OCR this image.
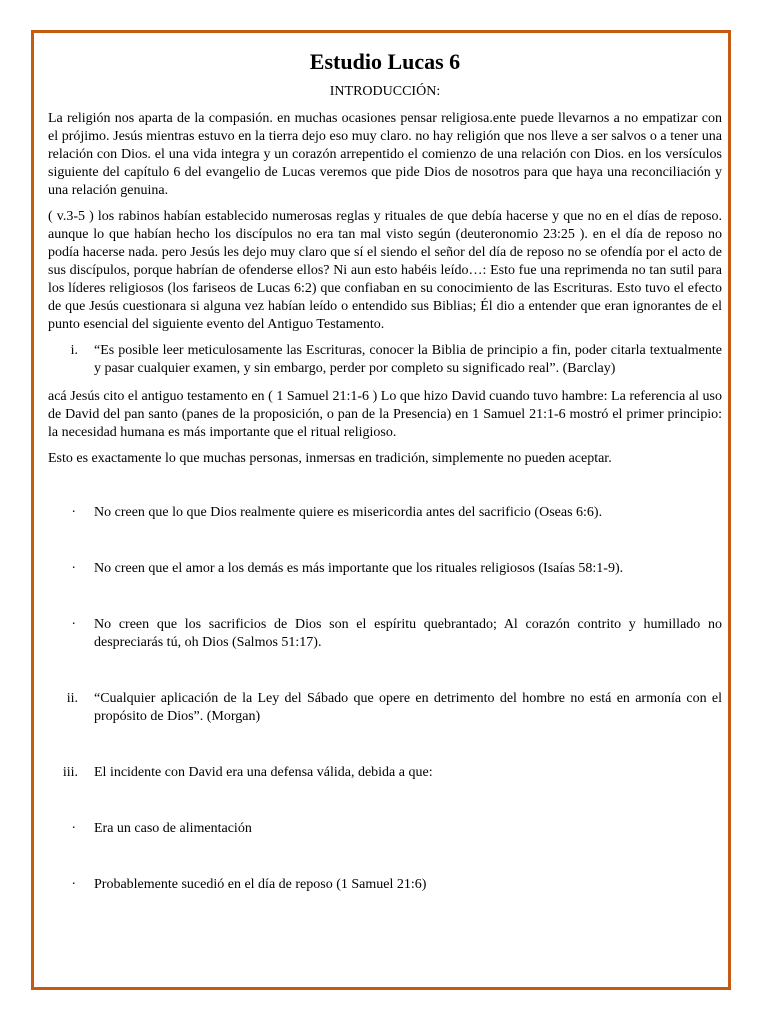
Estudio Lucas 6
INTRODUCCIÓN:

La religión nos aparta de la compasión. en muchas ocasiones pensar religiosa.ente puede llevarnos a no empatizar con el prójimo. Jesús mientras estuvo en la tierra dejo eso muy claro. no hay religión que nos lleve a ser salvos o a tener una relación con Dios. el una vida integra y un corazón arrepentido el comienzo de una relación con Dios. en los versículos siguiente del capítulo 6 del evangelio de Lucas veremos que pide Dios de nosotros para que haya una reconciliación y una relación genuina.

( v.3-5 ) los rabinos habían establecido numerosas reglas y rituales de que debía hacerse y que no en el días de reposo. aunque lo que habían hecho los discípulos no era tan mal visto según (deuteronomio 23:25 ). en el día de reposo no podía hacerse nada. pero Jesús les dejo muy claro que sí el siendo el señor del día de reposo no se ofendía por el acto de sus discípulos, porque habrían de ofenderse ellos? Ni aun esto habéis leído…: Esto fue una reprimenda no tan sutil para los líderes religiosos (los fariseos de Lucas 6:2) que confiaban en su conocimiento de las Escrituras. Esto tuvo el efecto de que Jesús cuestionara si alguna vez habían leído o entendido sus Biblias; Él dio a entender que eran ignorantes de el punto esencial del siguiente evento del Antiguo Testamento.

i.	“Es posible leer meticulosamente las Escrituras, conocer la Biblia de principio a fin, poder citarla textualmente y pasar cualquier examen, y sin embargo, perder por completo su significado real”. (Barclay)

acá Jesús cito el antiguo testamento en ( 1 Samuel 21:1-6 ) Lo que hizo David cuando tuvo hambre: La referencia al uso de David del pan santo (panes de la proposición, o pan de la Presencia) en 1 Samuel 21:1-6 mostró el primer principio: la necesidad humana es más importante que el ritual religioso.

Esto es exactamente lo que muchas personas, inmersas en tradición, simplemente no pueden aceptar.

·	No creen que lo que Dios realmente quiere es misericordia antes del sacrificio (Oseas 6:6).
·	No creen que el amor a los demás es más importante que los rituales religiosos (Isaías 58:1-9).
·	No creen que los sacrificios de Dios son el espíritu quebrantado; Al corazón contrito y humillado no despreciarás tú, oh Dios (Salmos 51:17).
ii.	“Cualquier aplicación de la Ley del Sábado que opere en detrimento del hombre no está en armonía con el propósito de Dios”. (Morgan)
iii.	El incidente con David era una defensa válida, debida a que:
·	Era un caso de alimentación
·	Probablemente sucedió en el día de reposo (1 Samuel 21:6)
